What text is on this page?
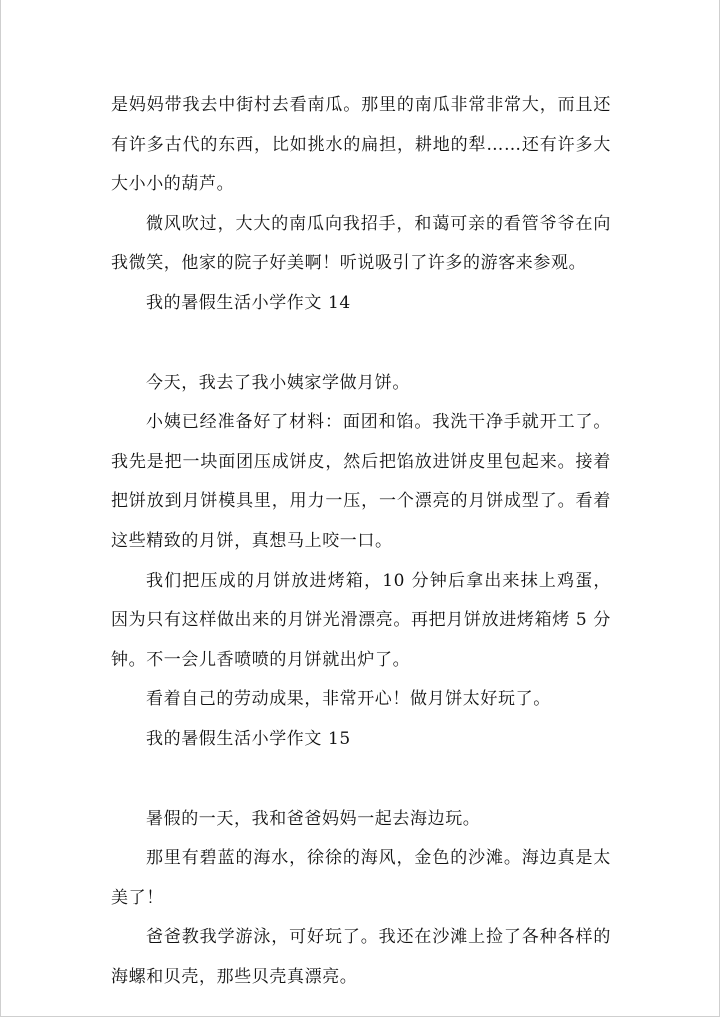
是妈妈带我去中街村去看南瓜。那里的南瓜非常非常大，而且还有许多古代的东西，比如挑水的扁担，耕地的犁……还有许多大大小小的葫芦。

微风吹过，大大的南瓜向我招手，和蔼可亲的看管爷爷在向我微笑，他家的院子好美啊！听说吸引了许多的游客来参观。

我的暑假生活小学作文 14

今天，我去了我小姨家学做月饼。

小姨已经准备好了材料：面团和馅。我洗干净手就开工了。我先是把一块面团压成饼皮，然后把馅放进饼皮里包起来。接着把饼放到月饼模具里，用力一压，一个漂亮的月饼成型了。看着这些精致的月饼，真想马上咬一口。

我们把压成的月饼放进烤箱，10 分钟后拿出来抹上鸡蛋，因为只有这样做出来的月饼光滑漂亮。再把月饼放进烤箱烤 5 分钟。不一会儿香喷喷的月饼就出炉了。

看着自己的劳动成果，非常开心！做月饼太好玩了。

我的暑假生活小学作文 15

暑假的一天，我和爸爸妈妈一起去海边玩。

那里有碧蓝的海水，徐徐的海风，金色的沙滩。海边真是太美了！

爸爸教我学游泳，可好玩了。我还在沙滩上捡了各种各样的海螺和贝壳，那些贝壳真漂亮。
